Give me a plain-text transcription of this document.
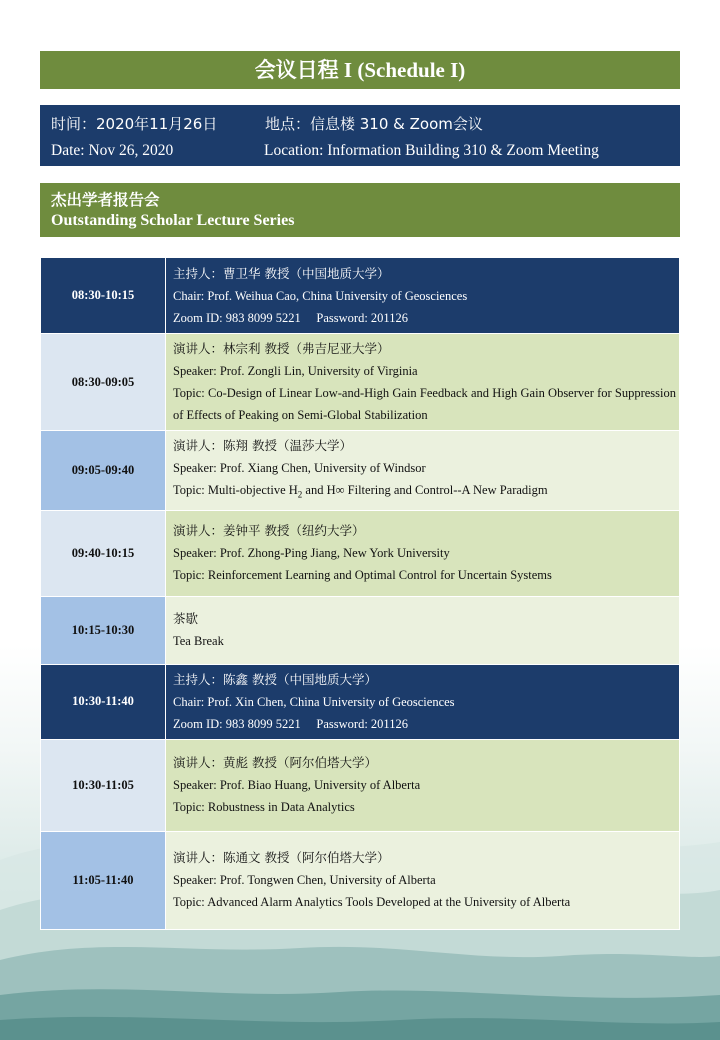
会议日程 I (Schedule I)
时间：2020年11月26日	地点：信息楼 310 & Zoom会议
Date: Nov 26, 2020	Location: Information Building 310 & Zoom Meeting
杰出学者报告会
Outstanding Scholar Lecture Series
08:30-10:15	主持人：曹卫华 教授（中国地质大学）
Chair: Prof. Weihua Cao, China University of Geosciences
Zoom ID: 983 8099 5221     Password: 201126

08:30-09:05	演讲人：林宗利 教授（弗吉尼亚大学）
Speaker: Prof. Zongli Lin, University of Virginia
Topic: Co-Design of Linear Low-and-High Gain Feedback and High Gain Observer for Suppression of Effects of Peaking on Semi-Global Stabilization

09:05-09:40	演讲人：陈翔 教授（温莎大学）
Speaker: Prof. Xiang Chen, University of Windsor
Topic: Multi-objective $H_2$ and H∞ Filtering and Control--A New Paradigm

09:40-10:15	演讲人：姜钟平 教授（纽约大学）
Speaker: Prof. Zhong-Ping Jiang, New York University
Topic: Reinforcement Learning and Optimal Control for Uncertain Systems

10:15-10:30	茶歇
Tea Break

10:30-11:40	主持人：陈鑫 教授（中国地质大学）
Chair: Prof. Xin Chen, China University of Geosciences
Zoom ID: 983 8099 5221     Password: 201126

10:30-11:05	演讲人：黄彪 教授（阿尔伯塔大学）
Speaker: Prof. Biao Huang, University of Alberta
Topic: Robustness in Data Analytics

11:05-11:40	演讲人：陈通文 教授（阿尔伯塔大学）
Speaker: Prof. Tongwen Chen, University of Alberta
Topic: Advanced Alarm Analytics Tools Developed at the University of Alberta
